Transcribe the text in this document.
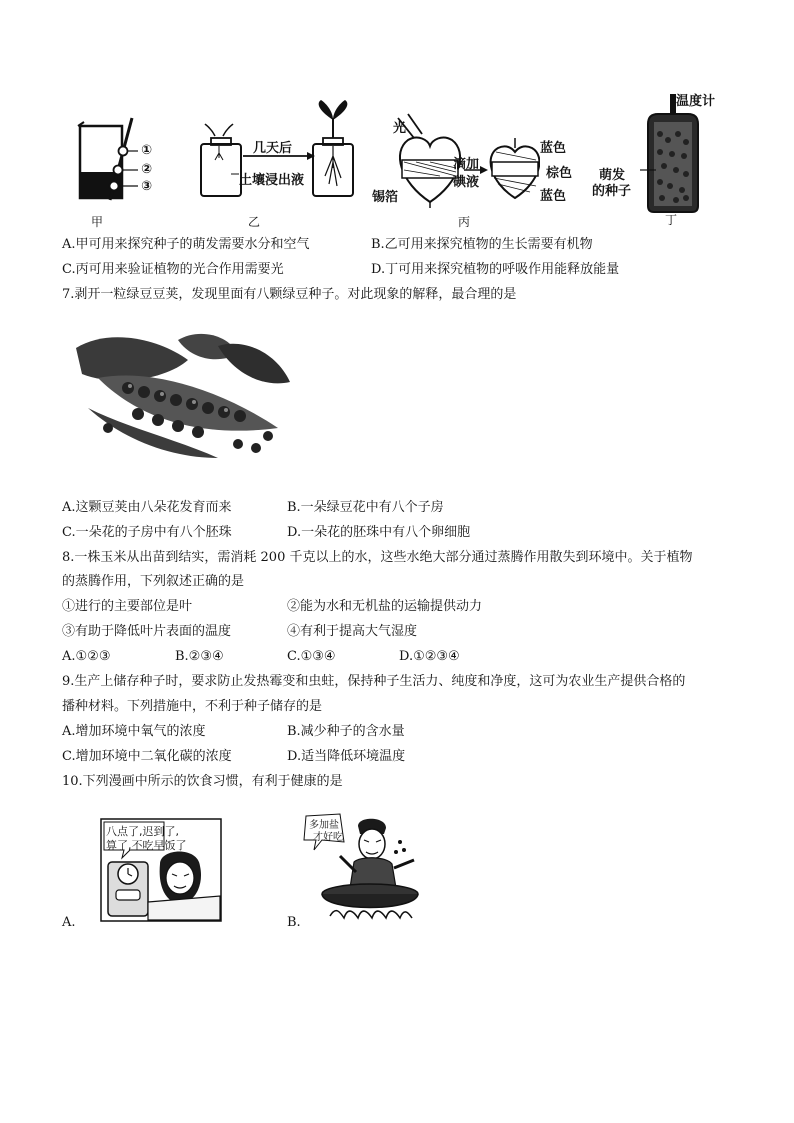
①
②
③
甲
几天后
土壤浸出液
乙
光
锡箔
滴加
碘液
蓝色
棕色
蓝色
丙
温度计
萌发
的种子
丁
A.甲可用来探究种子的萌发需要水分和空气	B.乙可用来探究植物的生长需要有机物
C.丙可用来验证植物的光合作用需要光	D.丁可用来探究植物的呼吸作用能释放能量
7.剥开一粒绿豆豆荚，发现里面有八颗绿豆种子。对此现象的解释，最合理的是
A.这颗豆荚由八朵花发育而来	B.一朵绿豆花中有八个子房
C.一朵花的子房中有八个胚珠	D.一朵花的胚珠中有八个卵细胞
8.一株玉米从出苗到结实，需消耗 200 千克以上的水，这些水绝大部分通过蒸腾作用散失到环境中。关于植物
的蒸腾作用，下列叙述正确的是
①进行的主要部位是叶	②能为水和无机盐的运输提供动力
③有助于降低叶片表面的温度	④有利于提高大气湿度
A.①②③	B.②③④	C.①③④	D.①②③④
9.生产上储存种子时，要求防止发热霉变和虫蛀，保持种子生活力、纯度和净度，这可为农业生产提供合格的
播种材料。下列措施中，不利于种子储存的是
A.增加环境中氧气的浓度	B.减少种子的含水量
C.增加环境中二氧化碳的浓度	D.适当降低环境温度
10.下列漫画中所示的饮食习惯，有利于健康的是
八点了,迟到了,
算了,不吃早饭了
A.
多加盐
才好吃
B.
